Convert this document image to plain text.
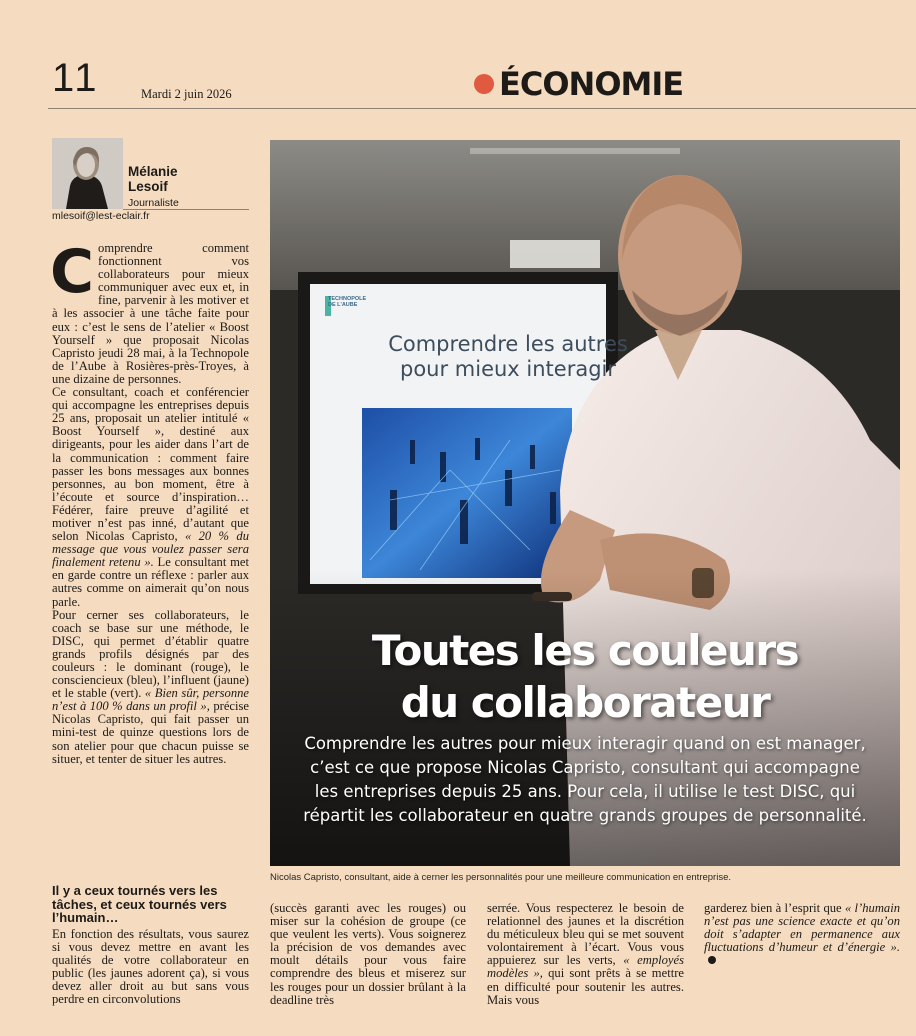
11	Mardi 2 juin 2026	ÉCONOMIE
Mélanie Lesoif
Journaliste
mlesoif@lest-eclair.fr

Comprendre comment fonctionnent vos collaborateurs pour mieux communiquer avec eux et, in fine, parvenir à les motiver et à les associer à une tâche faite pour eux : c’est le sens de l’atelier « Boost Yourself » que proposait Nicolas Capristo jeudi 28 mai, à la Technopole de l’Aube à Rosières-près-Troyes, à une dizaine de personnes.

Ce consultant, coach et conférencier qui accompagne les entreprises depuis 25 ans, proposait un atelier intitulé « Boost Yourself », destiné aux dirigeants, pour les aider dans l’art de la communication : comment faire passer les bons messages aux bonnes personnes, au bon moment, être à l’écoute et source d’inspiration… Fédérer, faire preuve d’agilité et motiver n’est pas inné, d’autant que selon Nicolas Capristo, « 20 % du message que vous voulez passer sera finalement retenu ». Le consultant met en garde contre un réflexe : parler aux autres comme on aimerait qu’on nous parle.

Pour cerner ses collaborateurs, le coach se base sur une méthode, le DISC, qui permet d’établir quatre grands profils désignés par des couleurs : le dominant (rouge), le consciencieux (bleu), l’influent (jaune) et le stable (vert). « Bien sûr, personne n’est à 100 % dans un profil », précise Nicolas Capristo, qui fait passer un mini-test de quinze questions lors de son atelier pour que chacun puisse se situer, et tenter de situer les autres.

Il y a ceux tournés vers les tâches, et ceux tournés vers l’humain…

En fonction des résultats, vous saurez si vous devez mettre en avant les qualités de votre collaborateur en public (les jaunes adorent ça), si vous devez aller droit au but sans vous perdre en circonvolutions

(succès garanti avec les rouges) ou miser sur la cohésion de groupe (ce que veulent les verts). Vous soignerez la précision de vos demandes avec moult détails pour vous faire comprendre des bleus et miserez sur les rouges pour un dossier brûlant à la deadline très

serrée. Vous respecterez le besoin de relationnel des jaunes et la discrétion du méticuleux bleu qui se met souvent volontairement à l’écart. Vous vous appuierez sur les verts, « employés modèles », qui sont prêts à se mettre en difficulté pour soutenir les autres. Mais vous

garderez bien à l’esprit que « l’humain n’est pas une science exacte et qu’on doit s’adapter en permanence aux fluctuations d’humeur et d’énergie ».

TECHNOPOLE
DE L'AUBE
Comprendre les autres
pour mieux interagir
Toutes les couleurs
du collaborateur
Comprendre les autres pour mieux interagir quand on est manager, c’est ce que propose Nicolas Capristo, consultant qui accompagne les entreprises depuis 25 ans. Pour cela, il utilise le test DISC, qui répartit les collaborateur en quatre grands groupes de personnalité.
Nicolas Capristo, consultant, aide à cerner les personnalités pour une meilleure communication en entreprise.
